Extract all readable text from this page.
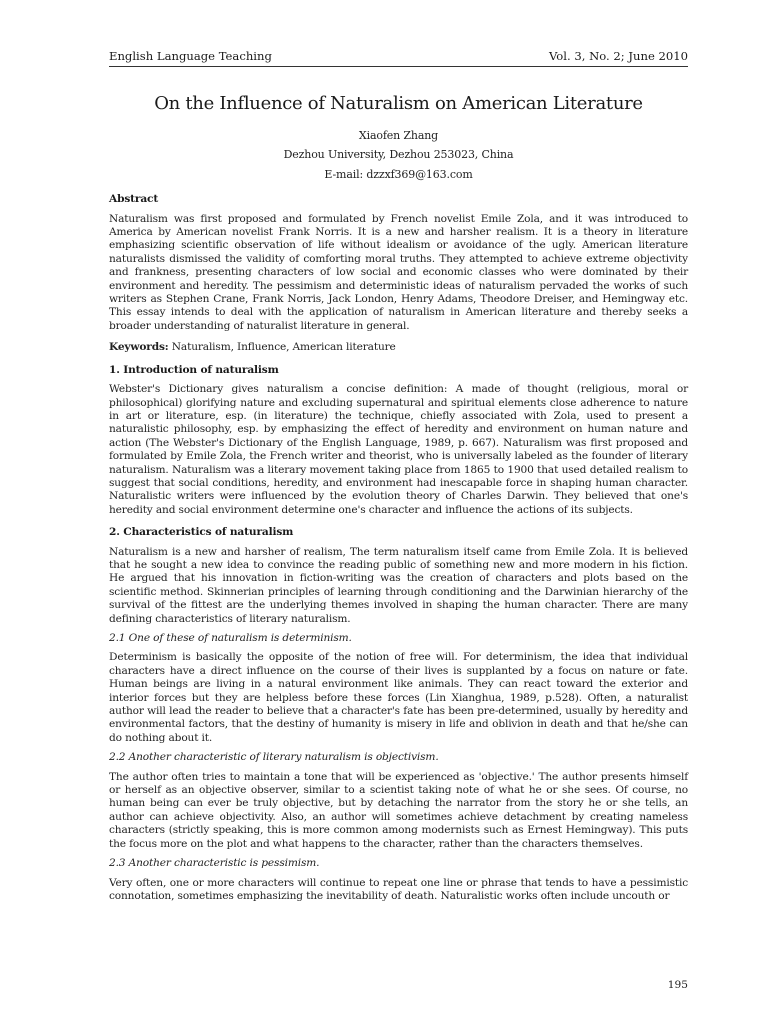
English Language Teaching	Vol. 3, No. 2; June 2010
On the Influence of Naturalism on American Literature
Xiaofen Zhang
Dezhou University, Dezhou 253023, China
E-mail: dzzxf369@163.com
Abstract

Naturalism was first proposed and formulated by French novelist Emile Zola, and it was introduced to America by American novelist Frank Norris. It is a new and harsher realism. It is a theory in literature emphasizing scientific observation of life without idealism or avoidance of the ugly. American literature naturalists dismissed the validity of comforting moral truths. They attempted to achieve extreme objectivity and frankness, presenting characters of low social and economic classes who were dominated by their environment and heredity. The pessimism and deterministic ideas of naturalism pervaded the works of such writers as Stephen Crane, Frank Norris, Jack London, Henry Adams, Theodore Dreiser, and Hemingway etc. This essay intends to deal with the application of naturalism in American literature and thereby seeks a broader understanding of naturalist literature in general.

Keywords: Naturalism, Influence, American literature
1. Introduction of naturalism

Webster's Dictionary gives naturalism a concise definition: A made of thought (religious, moral or philosophical) glorifying nature and excluding supernatural and spiritual elements close adherence to nature in art or literature, esp. (in literature) the technique, chiefly associated with Zola, used to present a naturalistic philosophy, esp. by emphasizing the effect of heredity and environment on human nature and action (The Webster's Dictionary of the English Language, 1989, p. 667). Naturalism was first proposed and formulated by Emile Zola, the French writer and theorist, who is universally labeled as the founder of literary naturalism. Naturalism was a literary movement taking place from 1865 to 1900 that used detailed realism to suggest that social conditions, heredity, and environment had inescapable force in shaping human character. Naturalistic writers were influenced by the evolution theory of Charles Darwin. They believed that one's heredity and social environment determine one's character and influence the actions of its subjects.

2. Characteristics of naturalism

Naturalism is a new and harsher of realism, The term naturalism itself came from Emile Zola. It is believed that he sought a new idea to convince the reading public of something new and more modern in his fiction. He argued that his innovation in fiction-writing was the creation of characters and plots based on the scientific method. Skinnerian principles of learning through conditioning and the Darwinian hierarchy of the survival of the fittest are the underlying themes involved in shaping the human character. There are many defining characteristics of literary naturalism.

2.1 One of these of naturalism is determinism.

Determinism is basically the opposite of the notion of free will. For determinism, the idea that individual characters have a direct influence on the course of their lives is supplanted by a focus on nature or fate. Human beings are living in a natural environment like animals. They can react toward the exterior and interior forces but they are helpless before these forces (Lin Xianghua, 1989, p.528). Often, a naturalist author will lead the reader to believe that a character's fate has been pre-determined, usually by heredity and environmental factors, that the destiny of humanity is misery in life and oblivion in death and that he/she can do nothing about it.

2.2 Another characteristic of literary naturalism is objectivism.

The author often tries to maintain a tone that will be experienced as 'objective.' The author presents himself or herself as an objective observer, similar to a scientist taking note of what he or she sees. Of course, no human being can ever be truly objective, but by detaching the narrator from the story he or she tells, an author can achieve objectivity. Also, an author will sometimes achieve detachment by creating nameless characters (strictly speaking, this is more common among modernists such as Ernest Hemingway). This puts the focus more on the plot and what happens to the character, rather than the characters themselves.

2.3 Another characteristic is pessimism.

Very often, one or more characters will continue to repeat one line or phrase that tends to have a pessimistic connotation, sometimes emphasizing the inevitability of death. Naturalistic works often include uncouth or

195
